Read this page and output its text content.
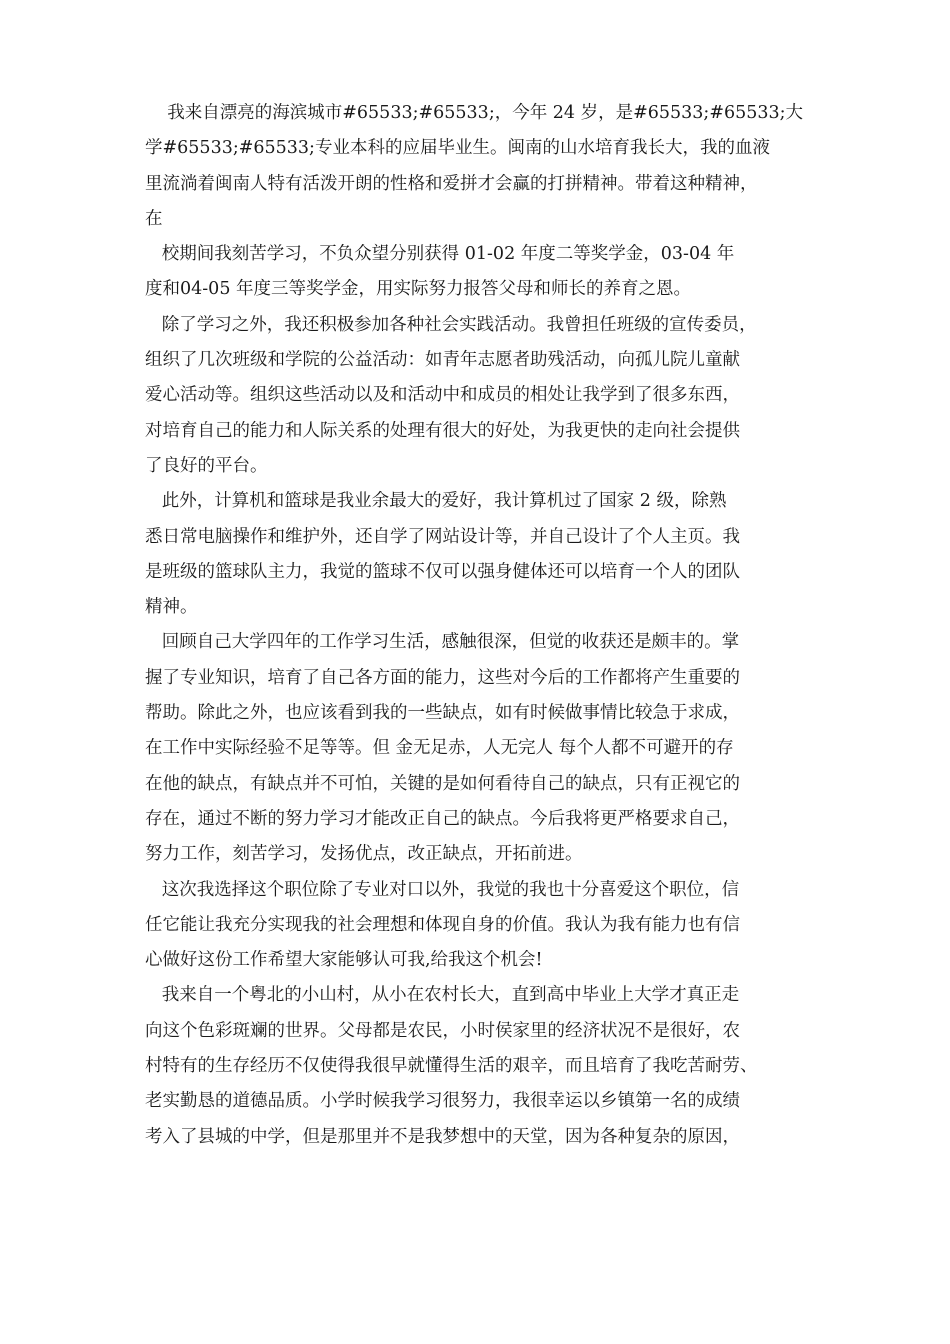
我来自漂亮的海滨城市#65533;#65533;，今年 24 岁，是#65533;#65533;大
学#65533;#65533;专业本科的应届毕业生。闽南的山水培育我长大，我的血液
里流淌着闽南人特有活泼开朗的性格和爱拼才会赢的打拼精神。带着这种精神，
在
校期间我刻苦学习，不负众望分别获得 01-02 年度二等奖学金，03-04 年
度和04-05 年度三等奖学金，用实际努力报答父母和师长的养育之恩。
除了学习之外，我还积极参加各种社会实践活动。我曾担任班级的宣传委员，
组织了几次班级和学院的公益活动：如青年志愿者助残活动，向孤儿院儿童献
爱心活动等。组织这些活动以及和活动中和成员的相处让我学到了很多东西，
对培育自己的能力和人际关系的处理有很大的好处，为我更快的走向社会提供
了良好的平台。
此外，计算机和篮球是我业余最大的爱好，我计算机过了国家 2 级，除熟
悉日常电脑操作和维护外，还自学了网站设计等，并自己设计了个人主页。我
是班级的篮球队主力，我觉的篮球不仅可以强身健体还可以培育一个人的团队
精神。
回顾自己大学四年的工作学习生活，感触很深，但觉的收获还是颇丰的。掌
握了专业知识，培育了自己各方面的能力，这些对今后的工作都将产生重要的
帮助。除此之外，也应该看到我的一些缺点，如有时候做事情比较急于求成，
在工作中实际经验不足等等。但 金无足赤，人无完人 每个人都不可避开的存
在他的缺点，有缺点并不可怕，关键的是如何看待自己的缺点，只有正视它的
存在，通过不断的努力学习才能改正自己的缺点。今后我将更严格要求自己，
努力工作，刻苦学习，发扬优点，改正缺点，开拓前进。
这次我选择这个职位除了专业对口以外，我觉的我也十分喜爱这个职位，信
任它能让我充分实现我的社会理想和体现自身的价值。我认为我有能力也有信
心做好这份工作希望大家能够认可我,给我这个机会!
我来自一个粤北的小山村，从小在农村长大，直到高中毕业上大学才真正走
向这个色彩斑斓的世界。父母都是农民，小时侯家里的经济状况不是很好，农
村特有的生存经历不仅使得我很早就懂得生活的艰辛，而且培育了我吃苦耐劳、
老实勤恳的道德品质。小学时候我学习很努力，我很幸运以乡镇第一名的成绩
考入了县城的中学，但是那里并不是我梦想中的天堂，因为各种复杂的原因，
